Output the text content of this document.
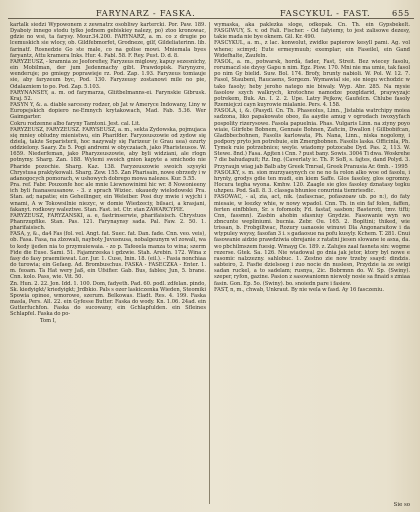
FARYNARZ - FASKA.	FASCYKUL - FAST.	655

kartalk siedzi Wypowonem z zewnatrz osobliwy kartercki. Por. Paw. 189. Dyaboiy innego stodu tylko jednem gebiskiey nalezy, po) ztoo kronowac, gdzie no wsi, ta farysy. Mour.34.200. FARYNARZ, a. m. co z drugie po lcemuskich sie wlocy, ob. Gildfebmorfet, Grodneze, gilf, Gildeliaterinn. lib. farinatf. Rosnedzie Go ste male, co na golise mowi. Mniemala byes faryantz, Attu kramera Inks. Hur. 4. Fabl. 58. F. Rey. Pust. D. d. 8.

FARYZEUSZ, - kramnia ze Jeoforefiey, Faryzeus miglowy, kapuy sezesnichy, ein Mobilman, der jum Jedenmachy gibt. Prawdopisk. Farynyzre, wenderuje; po gmiegy poprawieje rz. Pod. Zap. 1.93. Faryzeus tomiauje sie, aby faryzeum byc, Pod. 130. Faryzeusy zostanowi mile no pie, Odalazniem to po. Pod. Zap. 5.103.

FARYNANSEY, a. m. od farymarza, Gliitbelmanns-ei. Farynskie Gibrusk. Kraj. 52.

FASYN Y, &. a. diable sarcesny rodzer, ob Jat w Ameryce Indowany, Liny w Europejskich dopiero ne-Emnych krytakowach, Mad. Fab. 5.36. Wer Gaimgarter.

Cokru rodzenne albo faryny Tamtoni. Jest. cal. Lit.

FARYZEUSZ, FARYZEUSZ. FARYSEUSZ, a. m., sekta Zydowska, pojmujaca się mniey obludny mienistwu, ein Pharifder. Faryzeuszowie od zydow się dzielą, także Separisterii, hoc nazywaly się Farizeur (e Grau uea) ozurty oddzielony. Saary. Zu 5. Pogi andremi w obyczaiach, jako Pharisteusos. W. 1659. Niederfeman, jako Pharyzeuszowie, aby byli widziani, ale rlogn potnymy. Sharg. Zan. 188. Wylemi swoich gnion kapyte a smichodo nie Pharide pozochie. Sharg. Kaz. 138. Faryzeuszowie swoich szysyki Chrystusa praktykowali. Sharg. Zew. 155. Zan Pharisain, nowe obrzedy i w adanogocych pomorach, w ushowych dobrego mowa nalezes. Kur. 5.55.

Pra. ref. Fabr. Pouxonfe hoc ale mnie Liewnowinimi hic wr. 8 Nowonieeny ich byli fuanaseusanow. - 3. z sprach Wiziec. ukauedy wielodowski Pra. Stan. ad; napatie; ein Geheilinger, ein Weleiber. Posi duy mwie i wyjchi i wnami, A w Tokowsilnie niezyc, w domie Wiedzeciy, bilsaci, a krasjani, fakanyt. rodkowy waleztwe. Stan. Fast. ist. Ctr. stan ZAWARCYPIE.

FARYZEUSZ, FARYZANSKI, a. e, fastrinserwie, pharifaisisch. Chrystuos Phanrzupfike. Stan. Pas. 121. Farynaynsy sada. Pal. Faw. 2. 50. 1. pharifaisisch.

FASA, y, &., da4 Fas (fol. vel. Angt. fat. Suec. fat. Dan. fade. Cnn. veo. veis), ob. Fasa. Fasa, na zlzowali, nayboty Juvusnusa, nobalgeunym wl zowali, wa to kedy ijeden nia to przymuiewaia. - zo p. Tafeeela manza to wina; szerm Fide die Euse. Sami. 51. Fajamrzeska i gdzwie. Stah. Arebin. 172. Wina z fasy do fasy praemiiewat. Lor. Jur. 1. Cuse, Inin. 18. (eil.). - Fasia nonchiaa do turowia; ein Gefaeg. Ad. Brombuschus. FASKA - FASECZKA - Enter. 1. m. feoam. Ta Hat wery Jaß, ein Ufsifier. Gab. Bus, fables; Jun, 5. brane. Cnn. kolo. Pass, wie. Vit. 50.

Zn. Hun. 2. 22. Jon. Idd. 1. 100. Dom, fadyeth. Pad. 60. podl. zdfelan. pindo, Sk. kiedyigkt/ kriedyigkt; Jrdbkio. Pals s ozer laskiczenka Wieden, Steomiki Spowia opinee, wmorowe, szerum. Belkowas. Eladt. Res. 4. 199. Faska masla, Pers. All. 22. ein Gyfesse Butter. Faska do wody. Kn. 1.06. 24ad. ein Gutterfuchfon. Faska do sucowany, ein Gchlapfulden. ein Sfleines Schlapfel. Faska do po-

Tom I,

wymaska, aka paklezka sloge, odkopak. Cn. Th. ein Gypsbekelt. FASGIWUY, S. v. od Fali. Fischer. - Od fafyiemy, to jest zalisowe dezesy, takie mada nie bye oknem. Gil. Kr. 490.

FASCYKUL, a. m., z lac. konwolut, zwidke papierow kesyll pami. Ag. vol whene; scimyd; Eute ermeymuub; exemplar; ein Faseilel, ein Gand Widefhalte, Zaufeln.

FASOL, a. m., potwarsk, hordà, fader, Fast, Streit. Bez wiecey fasolu, rorumaczl sie dzysy Gapu n nim. Egz. Pisw. 170. Mni nie ma umie, tak fasol po nim Gy bielid. Suw. Bol. 174. Brofy, brunty nabioli. W. Pol. W. 12. 7. Fasol, Staubeni, Raucaens, Sorgezn. Wymawial sie, sie niegu wchodzic w tako fasoly; heby jeroho natego nie biwaly. Wyp. Abr. 285. Na mysie fasolow szych walkrych, krotochne namodze pozgldarid, praywyzajc potrekem, Buk. An. I. 2. 2. Upe. Latry Pejkow, Gaufelcn. Chlube fasoly Rzemiejczi cayn kuyrowie mialanie. Pers. 4. 158.

FASOLA, i, &. (Pasydl. Cn. Th. Phaseolus, Linn., Jistabia watrchipy moiea sadzona, liko papakowate obeo, ila aaydie amug v ogrodach iwoxyyfach pospolity rizerysowe. Fasola papuelnia. Phas. Vulgaris Linn. na ziyny poyo wiaie, Giirfebe Bobnem, Gennaie Bohnen, Zaficin, Dwallon ( Gillbobifcan, Gladbbecbohnen, Fasolis karlowata, Ph. Nana, Linn., niska nogolony, i podpory pryto jen potrebuie, ein Zmergbobnen. Fasolis laska. Officinla, Ph. Tymek ruie potrzebnice; weyle. wiadomy potzocabe Dyd. Pas. 2, 113. W. Stewe. 8nd.) Fasa. Apjten i Cnn. ? pust bany. Sowis. 3004 Ti dwa. Woskrehe 7 die bahudapuit; Rz. Ing. (Caverlaty ic. Th. P. SoB, s. fajtes, dand Polyd. 3. Przyraujn wiag jab Balb aby Greek Tmrsal, Greek Pranusia Ar. 6mh. - 1995

FASOLKY, s. m. sion murzyaeynych ce ne no fa rolon alko woe od fasolu, i hrynty, grodys gdie ten mudi, ein kiem Saffe. Glos fasoley, glos ogromny. Hocura tegha wyona. Kmhw. 120. Zaagle sie glos fasoley dznatasy tegku uhzpeu. Pod. Sall. 8. 3. classga bhuniee conurinia tiemriesdic.

FASOWAC, - al, zia, act, nik. (zafascnac, pofaszoaw ub. po n:), do faty miesaie, w leezky whie, w nowy wpadol. Cnn. Th. in ein faf folen, faffen, ferten einfbblen, Sr. s fofomoib; Fd. fastaf, sasbon; Basteroti, tmv. tifti; Cnn, fassmn). Zasbin ahobin sfasniuy Gnydzie. Fasowanie wyn wo zbncunte wepliniumi. bucnia. Zebr. Ou. 165. 2. Bopltini; thiked, wie trissan, b. Frobgiltwac, Rozury uanaosie winuwi Dla Angonaraitow i da wtypuley wsysy, fasofan 3 i. s gadaosue na pofu kusyly. Kchem. T. 281. Cnui fasowanie aidzie prawdziwia obrejanie z ratatni jiesen slowane ie asxa, da. wo pbchilmszem fuesig. Wmayg Ce. 189. z. Zalujes zaal fasneta sin: wogme rezerse. Gtek. Sa. 126. Nie wiadowal go dnia jak jetor, ktory byl nowe e rasomic nalzzezny. sahlobuc. 1. Zestno zie now trzeby ssayd: dindzis. sabteiro, 2. Fasfie dzielsoeg i zuo nocie dn nuslesn, Przydzie ia ze swigi sadan ruckel, a to sadelam; rusnya, 2ic. Bobrmnn do. W. Sp. (Swiny). szeper, ryfon, gazine. Pasion z sasowaniomn niewoly nosie sa finaid s zmiaa fasin. Gon. Ep. 5o. (Swiny). bo. snoiedn pare i fasiew.

FAST, n, m., chwab, Unkraut. By nie wela w fasd. Ay 16 fasczeniu.

Sie so
